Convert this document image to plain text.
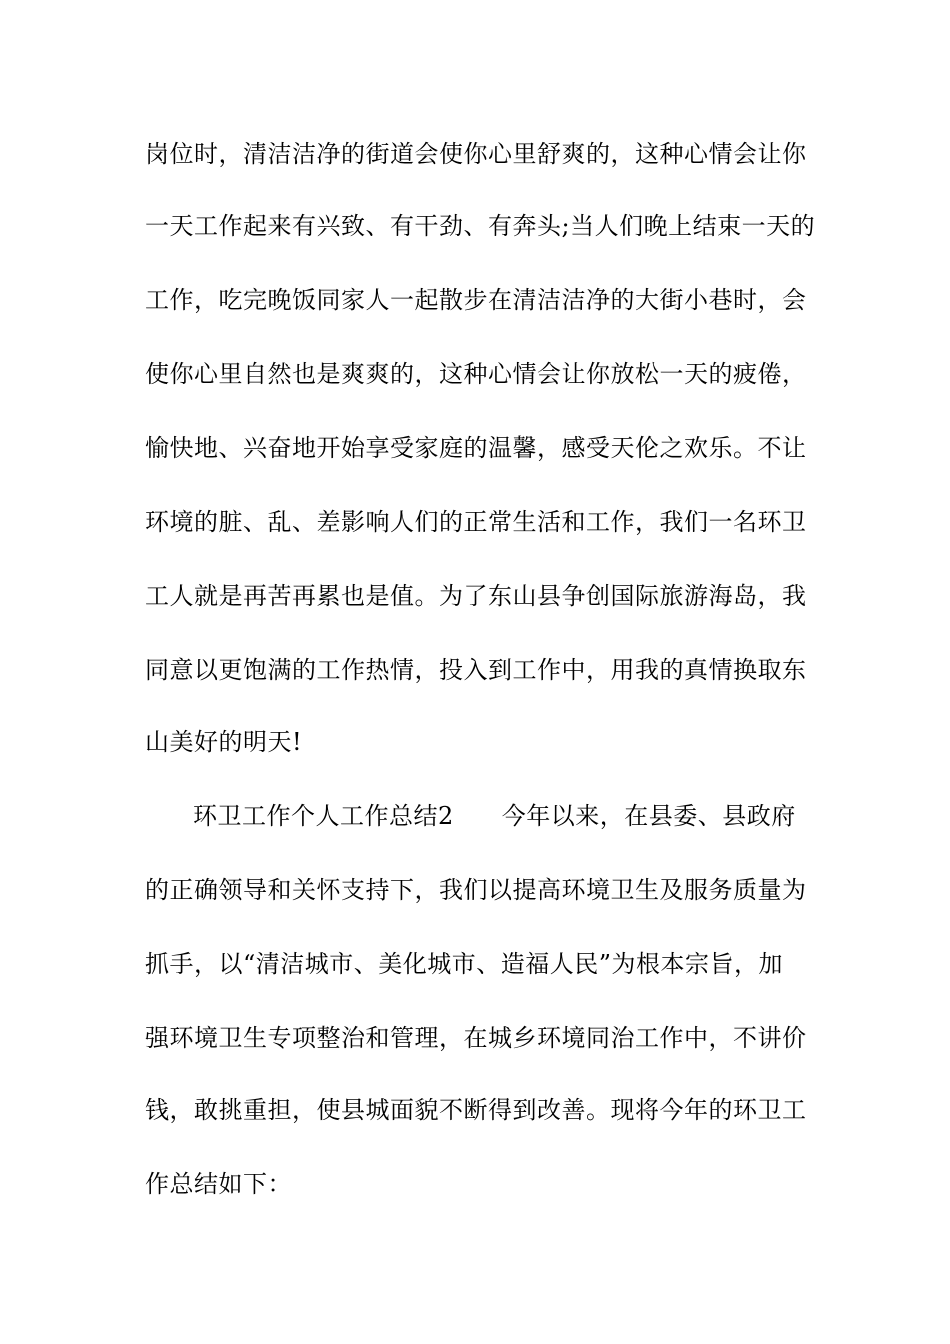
岗位时，清洁洁净的街道会使你心里舒爽的，这种心情会让你
一天工作起来有兴致、有干劲、有奔头;当人们晚上结束一天的
工作，吃完晚饭同家人一起散步在清洁洁净的大街小巷时，会
使你心里自然也是爽爽的，这种心情会让你放松一天的疲倦，
愉快地、兴奋地开始享受家庭的温馨，感受天伦之欢乐。不让
环境的脏、乱、差影响人们的正常生活和工作，我们一名环卫
工人就是再苦再累也是值。为了东山县争创国际旅游海岛，我
同意以更饱满的工作热情，投入到工作中，用我的真情换取东
山美好的明天!
环卫工作个人工作总结2 今年以来，在县委、县政府
的正确领导和关怀支持下，我们以提高环境卫生及服务质量为
抓手，以“清洁城市、美化城市、造福人民”为根本宗旨，加
强环境卫生专项整治和管理，在城乡环境同治工作中，不讲价
钱，敢挑重担，使县城面貌不断得到改善。现将今年的环卫工
作总结如下：
